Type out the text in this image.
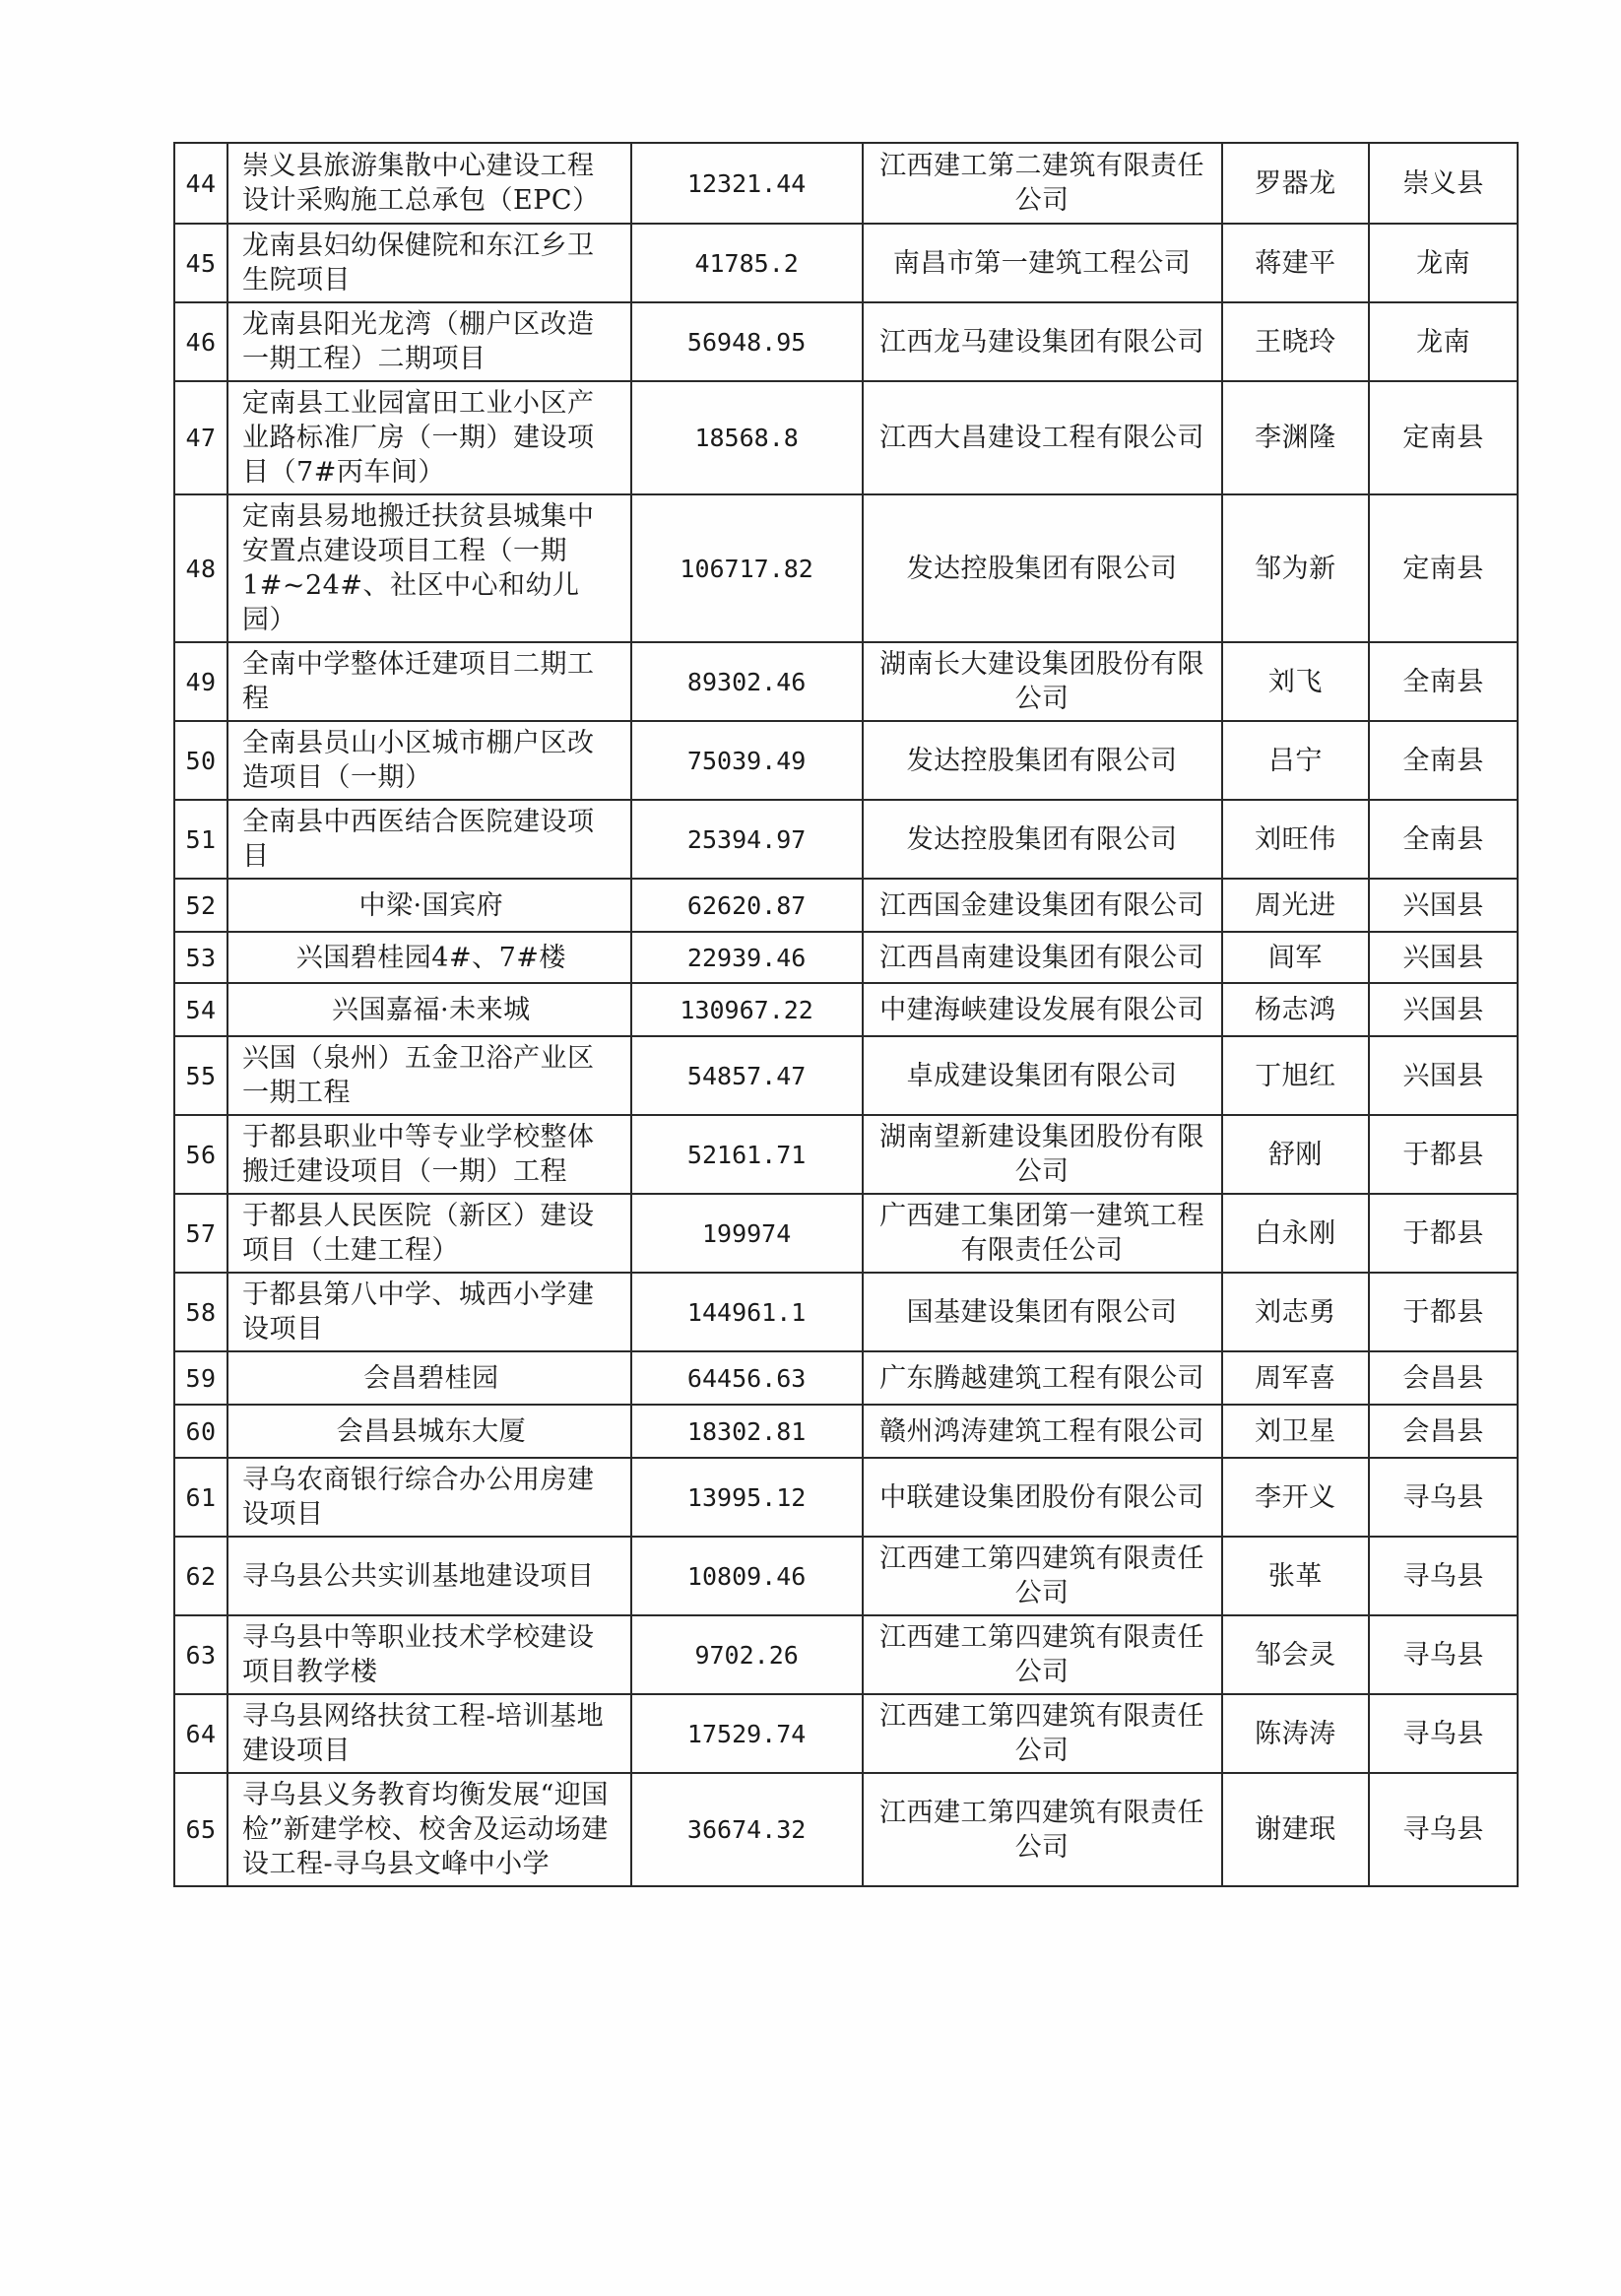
44	崇义县旅游集散中心建设工程设计采购施工总承包（EPC）	12321.44	江西建工第二建筑有限责任公司	罗器龙	崇义县
45	龙南县妇幼保健院和东江乡卫生院项目	41785.2	南昌市第一建筑工程公司	蒋建平	龙南
46	龙南县阳光龙湾（棚户区改造一期工程）二期项目	56948.95	江西龙马建设集团有限公司	王晓玲	龙南
47	定南县工业园富田工业小区产业路标准厂房（一期）建设项目（7#丙车间）	18568.8	江西大昌建设工程有限公司	李渊隆	定南县
48	定南县易地搬迁扶贫县城集中安置点建设项目工程（一期1#~24#、社区中心和幼儿园）	106717.82	发达控股集团有限公司	邹为新	定南县
49	全南中学整体迁建项目二期工程	89302.46	湖南长大建设集团股份有限公司	刘飞	全南县
50	全南县员山小区城市棚户区改造项目（一期）	75039.49	发达控股集团有限公司	吕宁	全南县
51	全南县中西医结合医院建设项目	25394.97	发达控股集团有限公司	刘旺伟	全南县
52	中梁·国宾府	62620.87	江西国金建设集团有限公司	周光进	兴国县
53	兴国碧桂园4#、7#楼	22939.46	江西昌南建设集团有限公司	闾军	兴国县
54	兴国嘉福·未来城	130967.22	中建海峡建设发展有限公司	杨志鸿	兴国县
55	兴国（泉州）五金卫浴产业区一期工程	54857.47	卓成建设集团有限公司	丁旭红	兴国县
56	于都县职业中等专业学校整体搬迁建设项目（一期）工程	52161.71	湖南望新建设集团股份有限公司	舒刚	于都县
57	于都县人民医院（新区）建设项目（土建工程）	199974	广西建工集团第一建筑工程有限责任公司	白永刚	于都县
58	于都县第八中学、城西小学建设项目	144961.1	国基建设集团有限公司	刘志勇	于都县
59	会昌碧桂园	64456.63	广东腾越建筑工程有限公司	周军喜	会昌县
60	会昌县城东大厦	18302.81	赣州鸿涛建筑工程有限公司	刘卫星	会昌县
61	寻乌农商银行综合办公用房建设项目	13995.12	中联建设集团股份有限公司	李开义	寻乌县
62	寻乌县公共实训基地建设项目	10809.46	江西建工第四建筑有限责任公司	张革	寻乌县
63	寻乌县中等职业技术学校建设项目教学楼	9702.26	江西建工第四建筑有限责任公司	邹会灵	寻乌县
64	寻乌县网络扶贫工程-培训基地建设项目	17529.74	江西建工第四建筑有限责任公司	陈涛涛	寻乌县
65	寻乌县义务教育均衡发展“迎国检”新建学校、校舍及运动场建设工程-寻乌县文峰中小学	36674.32	江西建工第四建筑有限责任公司	谢建珉	寻乌县
